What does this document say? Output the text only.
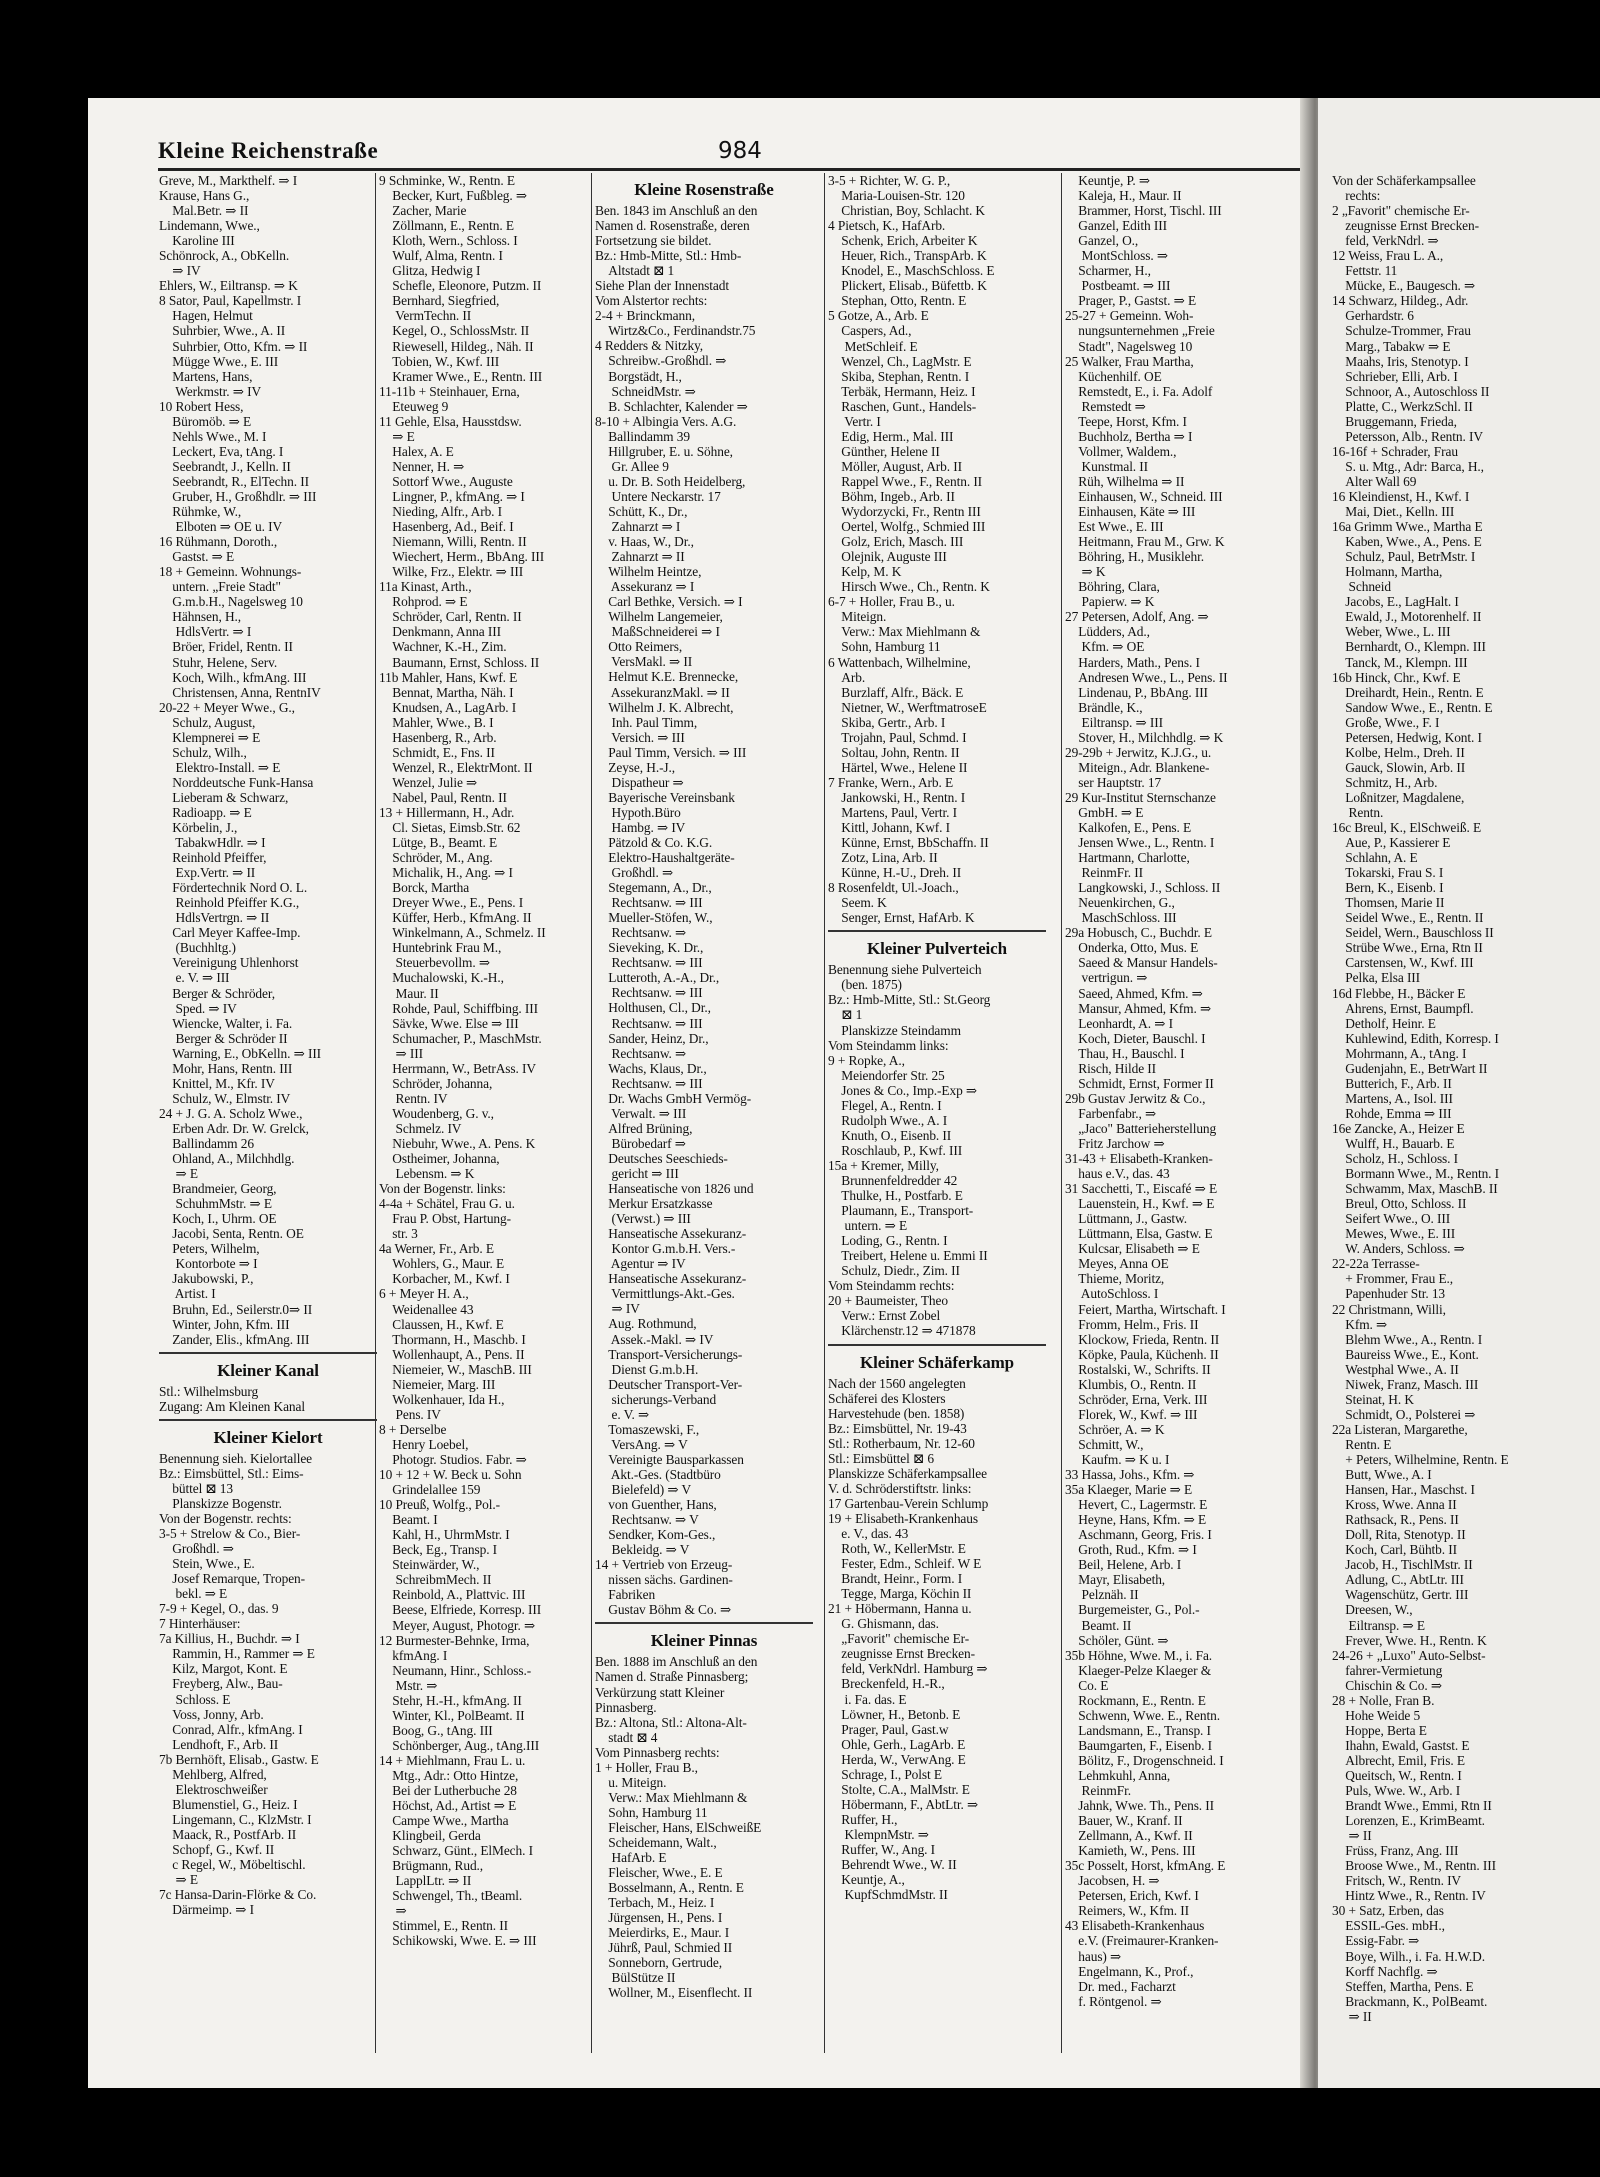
Kleine Reichenstraße	984
Greve, M., Markthelf. ⇒ I
Krause, Hans G.,
 Mal.Betr. ⇒ II
Lindemann, Wwe.,
 Karoline III
Schönrock, A., ObKelln.
 ⇒ IV
Ehlers, W., Eiltransp. ⇒ K
8 Sator, Paul, Kapellmstr. I
 Hagen, Helmut
 Suhrbier, Wwe., A. II
 Suhrbier, Otto, Kfm. ⇒ II
 Mügge Wwe., E. III
 Martens, Hans,
  Werkmstr. ⇒ IV
10 Robert Hess,
 Büromöb. ⇒ E
 Nehls Wwe., M. I
 Leckert, Eva, tAng. I
 Seebrandt, J., Kelln. II
 Seebrandt, R., ElTechn. II
 Gruber, H., Großhdlr. ⇒ III
 Rühmke, W.,
  Elboten ⇒ OE u. IV
16 Rühmann, Doroth.,
 Gastst. ⇒ E
18 + Gemeinn. Wohnungs-
 untern. „Freie Stadt"
 G.m.b.H., Nagelsweg 10
 Hähnsen, H.,
  HdlsVertr. ⇒ I
 Bröer, Fridel, Rentn. II
 Stuhr, Helene, Serv.
 Koch, Wilh., kfmAng. III
 Christensen, Anna, RentnIV
20-22 + Meyer Wwe., G.,
 Schulz, August,
 Klempnerei ⇒ E
 Schulz, Wilh.,
  Elektro-Install. ⇒ E
 Norddeutsche Funk-Hansa
 Lieberam & Schwarz,
 Radioapp. ⇒ E
 Körbelin, J.,
  TabakwHdlr. ⇒ I
 Reinhold Pfeiffer,
  Exp.Vertr. ⇒ II
 Fördertechnik Nord O. L.
  Reinhold Pfeiffer K.G.,
  HdlsVertrgn. ⇒ II
 Carl Meyer Kaffee-Imp.
  (Buchhltg.)
 Vereinigung Uhlenhorst
  e. V. ⇒ III
 Berger & Schröder,
  Sped. ⇒ IV
 Wiencke, Walter, i. Fa.
  Berger & Schröder II
 Warning, E., ObKelln. ⇒ III
 Mohr, Hans, Rentn. III
 Knittel, M., Kfr. IV
 Schulz, W., Elmstr. IV
24 + J. G. A. Scholz Wwe.,
 Erben Adr. Dr. W. Grelck,
 Ballindamm 26
 Ohland, A., Milchhdlg.
  ⇒ E
 Brandmeier, Georg,
  SchuhmMstr. ⇒ E
 Koch, I., Uhrm. OE
 Jacobi, Senta, Rentn. OE
 Peters, Wilhelm,
  Kontorbote ⇒ I
 Jakubowski, P.,
  Artist. I
 Bruhn, Ed., Seilerstr.0⇒ II
 Winter, John, Kfm. III
 Zander, Elis., kfmAng. III
Kleiner Kanal
Stl.: Wilhelmsburg
Zugang: Am Kleinen Kanal
Kleiner Kielort
Benennung sieh. Kielortallee
Bz.: Eimsbüttel, Stl.: Eims-
 büttel ⊠ 13
 Planskizze Bogenstr.
Von der Bogenstr. rechts:
3-5 + Strelow & Co., Bier-
 Großhdl. ⇒
 Stein, Wwe., E.
 Josef Remarque, Tropen-
  bekl. ⇒ E
7-9 + Kegel, O., das. 9
7 Hinterhäuser:
7a Killius, H., Buchdr. ⇒ I
 Rammin, H., Rammer ⇒ E
 Kilz, Margot, Kont. E
 Freyberg, Alw., Bau-
  Schloss. E
 Voss, Jonny, Arb.
 Conrad, Alfr., kfmAng. I
 Lendhoft, F., Arb. II
7b Bernhöft, Elisab., Gastw. E
 Mehlberg, Alfred,
  Elektroschweißer
 Blumenstiel, G., Heiz. I
 Lingemann, C., KlzMstr. I
 Maack, R., PostfArb. II
 Schopf, G., Kwf. II
 c Regel, W., Möbeltischl.
  ⇒ E
7c Hansa-Darin-Flörke & Co.
 Därmeimp. ⇒ I
9 Schminke, W., Rentn. E
 Becker, Kurt, Fußbleg. ⇒
 Zacher, Marie
 Zöllmann, E., Rentn. E
 Kloth, Wern., Schloss. I
 Wulf, Alma, Rentn. I
 Glitza, Hedwig I
 Schefle, Eleonore, Putzm. II
 Bernhard, Siegfried,
  VermTechn. II
 Kegel, O., SchlossMstr. II
 Riewesell, Hildeg., Näh. II
 Tobien, W., Kwf. III
 Kramer Wwe., E., Rentn. III
11-11b + Steinhauer, Erna,
 Eteuweg 9
11 Gehle, Elsa, Hausstdsw.
 ⇒ E
 Halex, A. E
 Nenner, H. ⇒
 Sottorf Wwe., Auguste
 Lingner, P., kfmAng. ⇒ I
 Nieding, Alfr., Arb. I
 Hasenberg, Ad., Beif. I
 Niemann, Willi, Rentn. II
 Wiechert, Herm., BbAng. III
 Wilke, Frz., Elektr. ⇒ III
11a Kinast, Arth.,
 Rohprod. ⇒ E
 Schröder, Carl, Rentn. II
 Denkmann, Anna III
 Wachner, K.-H., Zim.
 Baumann, Ernst, Schloss. II
11b Mahler, Hans, Kwf. E
 Bennat, Martha, Näh. I
 Knudsen, A., LagArb. I
 Mahler, Wwe., B. I
 Hasenberg, R., Arb.
 Schmidt, E., Fns. II
 Wenzel, R., ElektrMont. II
 Wenzel, Julie ⇒
 Nabel, Paul, Rentn. II
13 + Hillermann, H., Adr.
 Cl. Sietas, Eimsb.Str. 62
 Lütge, B., Beamt. E
 Schröder, M., Ang.
 Michalik, H., Ang. ⇒ I
 Borck, Martha
 Dreyer Wwe., E., Pens. I
 Küffer, Herb., KfmAng. II
 Winkelmann, A., Schmelz. II
 Huntebrink Frau M.,
  Steuerbevollm. ⇒
 Muchalowski, K.-H.,
  Maur. II
 Rohde, Paul, Schiffbing. III
 Sävke, Wwe. Else ⇒ III
 Schumacher, P., MaschMstr.
  ⇒ III
 Herrmann, W., BetrAss. IV
 Schröder, Johanna,
  Rentn. IV
 Woudenberg, G. v.,
  Schmelz. IV
 Niebuhr, Wwe., A. Pens. K
 Ostheimer, Johanna,
  Lebensm. ⇒ K
Von der Bogenstr. links:
4-4a + Schätel, Frau G. u.
 Frau P. Obst, Hartung-
 str. 3
4a Werner, Fr., Arb. E
 Wohlers, G., Maur. E
 Korbacher, M., Kwf. I
6 + Meyer H. A.,
 Weidenallee 43
 Claussen, H., Kwf. E
 Thormann, H., Maschb. I
 Wollenhaupt, A., Pens. II
 Niemeier, W., MaschB. III
 Niemeier, Marg. III
 Wolkenhauer, Ida H.,
  Pens. IV
8 + Derselbe
 Henry Loebel,
 Photogr. Studios. Fabr. ⇒
10 + 12 + W. Beck u. Sohn
 Grindelallee 159
10 Preuß, Wolfg., Pol.-
 Beamt. I
 Kahl, H., UhrmMstr. I
 Beck, Eg., Transp. I
 Steinwärder, W.,
  SchreibmMech. II
 Reinbold, A., Plattvic. III
 Beese, Elfriede, Korresp. III
 Meyer, August, Photogr. ⇒
12 Burmester-Behnke, Irma,
 kfmAng. I
 Neumann, Hinr., Schloss.-
  Mstr. ⇒
 Stehr, H.-H., kfmAng. II
 Winter, Kl., PolBeamt. II
 Boog, G., tAng. III
 Schönberger, Aug., tAng.III
14 + Miehlmann, Frau L. u.
 Mtg., Adr.: Otto Hintze,
 Bei der Lutherbuche 28
 Höchst, Ad., Artist ⇒ E
 Campe Wwe., Martha
 Klingbeil, Gerda
 Schwarz, Günt., ElMech. I
 Brügmann, Rud.,
  LapplLtr. ⇒ II
 Schwengel, Th., tBeaml.
  ⇒
 Stimmel, E., Rentn. II
 Schikowski, Wwe. E. ⇒ III
Kleine Rosenstraße
Ben. 1843 im Anschluß an den
Namen d. Rosenstraße, deren
Fortsetzung sie bildet.
Bz.: Hmb-Mitte, Stl.: Hmb-
 Altstadt ⊠ 1
Siehe Plan der Innenstadt
Vom Alstertor rechts:
2-4 + Brinckmann,
 Wirtz&Co., Ferdinandstr.75
4 Redders & Nitzky,
 Schreibw.-Großhdl. ⇒
 Borgstädt, H.,
  SchneidMstr. ⇒
 B. Schlachter, Kalender ⇒
8-10 + Albingia Vers. A.G.
 Ballindamm 39
 Hillgruber, E. u. Söhne,
  Gr. Allee 9
 u. Dr. B. Soth Heidelberg,
  Untere Neckarstr. 17
 Schütt, K., Dr.,
  Zahnarzt ⇒ I
 v. Haas, W., Dr.,
  Zahnarzt ⇒ II
 Wilhelm Heintze,
  Assekuranz ⇒ I
 Carl Bethke, Versich. ⇒ I
 Wilhelm Langemeier,
  MaßSchneiderei ⇒ I
 Otto Reimers,
  VersMakl. ⇒ II
 Helmut K.E. Brennecke,
  AssekuranzMakl. ⇒ II
 Wilhelm J. K. Albrecht,
  Inh. Paul Timm,
  Versich. ⇒ III
 Paul Timm, Versich. ⇒ III
 Zeyse, H.-J.,
  Dispatheur ⇒
 Bayerische Vereinsbank
  Hypoth.Büro
  Hambg. ⇒ IV
 Pätzold & Co. K.G.
 Elektro-Haushaltgeräte-
  Großhdl. ⇒
 Stegemann, A., Dr.,
  Rechtsanw. ⇒ III
 Mueller-Stöfen, W.,
  Rechtsanw. ⇒
 Sieveking, K. Dr.,
  Rechtsanw. ⇒ III
 Lutteroth, A.-A., Dr.,
  Rechtsanw. ⇒ III
 Holthusen, Cl., Dr.,
  Rechtsanw. ⇒ III
 Sander, Heinz, Dr.,
  Rechtsanw. ⇒
 Wachs, Klaus, Dr.,
  Rechtsanw. ⇒ III
 Dr. Wachs GmbH Vermög-
  Verwalt. ⇒ III
 Alfred Brüning,
  Bürobedarf ⇒
 Deutsches Seeschieds-
  gericht ⇒ III
 Hanseatische von 1826 und
 Merkur Ersatzkasse
  (Verwst.) ⇒ III
 Hanseatische Assekuranz-
  Kontor G.m.b.H. Vers.-
  Agentur ⇒ IV
 Hanseatische Assekuranz-
  Vermittlungs-Akt.-Ges.
  ⇒ IV
 Aug. Rothmund,
  Assek.-Makl. ⇒ IV
 Transport-Versicherungs-
  Dienst G.m.b.H.
 Deutscher Transport-Ver-
  sicherungs-Verband
  e. V. ⇒
 Tomaszewski, F.,
  VersAng. ⇒ V
 Vereinigte Bausparkassen
  Akt.-Ges. (Stadtbüro
  Bielefeld) ⇒ V
 von Guenther, Hans,
  Rechtsanw. ⇒ V
 Sendker, Kom-Ges.,
  Bekleidg. ⇒ V
14 + Vertrieb von Erzeug-
 nissen sächs. Gardinen-
 Fabriken
 Gustav Böhm & Co. ⇒
Kleiner Pinnas
Ben. 1888 im Anschluß an den
Namen d. Straße Pinnasberg;
Verkürzung statt Kleiner
Pinnasberg.
Bz.: Altona, Stl.: Altona-Alt-
 stadt ⊠ 4
Vom Pinnasberg rechts:
1 + Holler, Frau B.,
 u. Miteign.
 Verw.: Max Miehlmann &
 Sohn, Hamburg 11
 Fleischer, Hans, ElSchweißE
 Scheidemann, Walt.,
  HafArb. E
 Fleischer, Wwe., E. E
 Bosselmann, A., Rentn. E
 Terbach, M., Heiz. I
 Jürgensen, H., Pens. I
 Meierdirks, E., Maur. I
 Jührß, Paul, Schmied II
 Sonneborn, Gertrude,
  BülStütze II
 Wollner, M., Eisenflecht. II
3-5 + Richter, W. G. P.,
 Maria-Louisen-Str. 120
 Christian, Boy, Schlacht. K
4 Pietsch, K., HafArb.
 Schenk, Erich, Arbeiter K
 Heuer, Rich., TranspArb. K
 Knodel, E., MaschSchloss. E
 Plickert, Elisab., Büfettb. K
 Stephan, Otto, Rentn. E
5 Gotze, A., Arb. E
 Caspers, Ad.,
  MetSchleif. E
 Wenzel, Ch., LagMstr. E
 Skiba, Stephan, Rentn. I
 Terbäk, Hermann, Heiz. I
 Raschen, Gunt., Handels-
  Vertr. I
 Edig, Herm., Mal. III
 Günther, Helene II
 Möller, August, Arb. II
 Rappel Wwe., F., Rentn. II
 Böhm, Ingeb., Arb. II
 Wydorzycki, Fr., Rentn III
 Oertel, Wolfg., Schmied III
 Golz, Erich, Masch. III
 Olejnik, Auguste III
 Kelp, M. K
 Hirsch Wwe., Ch., Rentn. K
6-7 + Holler, Frau B., u.
 Miteign.
 Verw.: Max Miehlmann &
 Sohn, Hamburg 11
6 Wattenbach, Wilhelmine,
 Arb.
 Burzlaff, Alfr., Bäck. E
 Nietner, W., WerftmatroseE
 Skiba, Gertr., Arb. I
 Trojahn, Paul, Schmd. I
 Soltau, John, Rentn. II
 Härtel, Wwe., Helene II
7 Franke, Wern., Arb. E
 Jankowski, H., Rentn. I
 Martens, Paul, Vertr. I
 Kittl, Johann, Kwf. I
 Künne, Ernst, BbSchaffn. II
 Zotz, Lina, Arb. II
 Künne, H.-U., Dreh. II
8 Rosenfeldt, Ul.-Joach.,
 Seem. K
 Senger, Ernst, HafArb. K
Kleiner Pulverteich
Benennung siehe Pulverteich
 (ben. 1875)
Bz.: Hmb-Mitte, Stl.: St.Georg
 ⊠ 1
 Planskizze Steindamm
Vom Steindamm links:
9 + Ropke, A.,
 Meiendorfer Str. 25
 Jones & Co., Imp.-Exp ⇒
 Flegel, A., Rentn. I
 Rudolph Wwe., A. I
 Knuth, O., Eisenb. II
 Roschlaub, P., Kwf. III
15a + Kremer, Milly,
 Brunnenfeldredder 42
 Thulke, H., Postfarb. E
 Plaumann, E., Transport-
  untern. ⇒ E
 Loding, G., Rentn. I
 Treibert, Helene u. Emmi II
 Schulz, Diedr., Zim. II
Vom Steindamm rechts:
20 + Baumeister, Theo
 Verw.: Ernst Zobel
 Klärchenstr.12 ⇒ 471878
Kleiner Schäferkamp
Nach der 1560 angelegten
Schäferei des Klosters
Harvestehude (ben. 1858)
Bz.: Eimsbüttel, Nr. 19-43
Stl.: Rotherbaum, Nr. 12-60
Stl.: Eimsbüttel ⊠ 6
Planskizze Schäferkampsallee
V. d. Schröderstiftstr. links:
17 Gartenbau-Verein Schlump
19 + Elisabeth-Krankenhaus
 e. V., das. 43
 Roth, W., KellerMstr. E
 Fester, Edm., Schleif. W E
 Brandt, Heinr., Form. I
 Tegge, Marga, Köchin II
21 + Höbermann, Hanna u.
 G. Ghismann, das.
 „Favorit" chemische Er-
 zeugnisse Ernst Brecken-
 feld, VerkNdrl. Hamburg ⇒
 Breckenfeld, H.-R.,
  i. Fa. das. E
 Löwner, H., Betonb. E
 Prager, Paul, Gast.w
 Ohle, Gerh., LagArb. E
 Herda, W., VerwAng. E
 Schrage, I., Polst E
 Stolte, C.A., MalMstr. E
 Höbermann, F., AbtLtr. ⇒
 Ruffer, H.,
  KlempnMstr. ⇒
 Ruffer, W., Ang. I
 Behrendt Wwe., W. II
 Keuntje, A.,
  KupfSchmdMstr. II
 Keuntje, P. ⇒
 Kaleja, H., Maur. II
 Brammer, Horst, Tischl. III
 Ganzel, Edith III
 Ganzel, O.,
  MontSchloss. ⇒
 Scharmer, H.,
  Postbeamt. ⇒ III
 Prager, P., Gastst. ⇒ E
25-27 + Gemeinn. Woh-
 nungsunternehmen „Freie
 Stadt", Nagelsweg 10
25 Walker, Frau Martha,
 Küchenhilf. OE
 Remstedt, E., i. Fa. Adolf
  Remstedt ⇒
 Teepe, Horst, Kfm. I
 Buchholz, Bertha ⇒ I
 Vollmer, Waldem.,
  Kunstmal. II
 Rüh, Wilhelma ⇒ II
 Einhausen, W., Schneid. III
 Einhausen, Käte ⇒ III
 Est Wwe., E. III
 Heitmann, Frau M., Grw. K
 Böhring, H., Musiklehr.
  ⇒ K
 Böhring, Clara,
  Papierw. ⇒ K
27 Petersen, Adolf, Ang. ⇒
 Lüdders, Ad.,
  Kfm. ⇒ OE
 Harders, Math., Pens. I
 Andresen Wwe., L., Pens. II
 Lindenau, P., BbAng. III
 Brändle, K.,
  Eiltransp. ⇒ III
 Stover, H., Milchhdlg. ⇒ K
29-29b + Jerwitz, K.J.G., u.
 Miteign., Adr. Blankene-
 ser Hauptstr. 17
29 Kur-Institut Sternschanze
 GmbH. ⇒ E
 Kalkofen, E., Pens. E
 Jensen Wwe., L., Rentn. I
 Hartmann, Charlotte,
  ReinmFr. II
 Langkowski, J., Schloss. II
 Neuenkirchen, G.,
  MaschSchloss. III
29a Hobusch, C., Buchdr. E
 Onderka, Otto, Mus. E
 Saeed & Mansur Handels-
  vertrigun. ⇒
 Saeed, Ahmed, Kfm. ⇒
 Mansur, Ahmed, Kfm. ⇒
 Leonhardt, A. ⇒ I
 Koch, Dieter, Bauschl. I
 Thau, H., Bauschl. I
 Risch, Hilde II
 Schmidt, Ernst, Former II
29b Gustav Jerwitz & Co.,
 Farbenfabr., ⇒
 „Jaco" Batterieherstellung
 Fritz Jarchow ⇒
31-43 + Elisabeth-Kranken-
 haus e.V., das. 43
31 Sacchetti, T., Eiscafé ⇒ E
 Lauenstein, H., Kwf. ⇒ E
 Lüttmann, J., Gastw.
 Lüttmann, Elsa, Gastw. E
 Kulcsar, Elisabeth ⇒ E
 Meyes, Anna OE
 Thieme, Moritz,
  AutoSchloss. I
 Feiert, Martha, Wirtschaft. I
 Fromm, Helm., Fris. II
 Klockow, Frieda, Rentn. II
 Köpke, Paula, Küchenh. II
 Rostalski, W., Schrifts. II
 Klumbis, O., Rentn. II
 Schröder, Erna, Verk. III
 Florek, W., Kwf. ⇒ III
 Schröer, A. ⇒ K
 Schmitt, W.,
  Kaufm. ⇒ K u. I
33 Hassa, Johs., Kfm. ⇒
35a Klaeger, Marie ⇒ E
 Hevert, C., Lagermstr. E
 Heyne, Hans, Kfm. ⇒ E
 Aschmann, Georg, Fris. I
 Groth, Rud., Kfm. ⇒ I
 Beil, Helene, Arb. I
 Mayr, Elisabeth,
  Pelznäh. II
 Burgemeister, G., Pol.-
  Beamt. II
 Schöler, Günt. ⇒
35b Höhne, Wwe. M., i. Fa.
 Klaeger-Pelze Klaeger &
 Co. E
 Rockmann, E., Rentn. E
 Schwenn, Wwe. E., Rentn.
 Landsmann, E., Transp. I
 Baumgarten, F., Eisenb. I
 Bölitz, F., Drogenschneid. I
 Lehmkuhl, Anna,
  ReinmFr.
 Jahnk, Wwe. Th., Pens. II
 Bauer, W., Kranf. II
 Zellmann, A., Kwf. II
 Kamieth, W., Pens. III
35c Posselt, Horst, kfmAng. E
 Jacobsen, H. ⇒
 Petersen, Erich, Kwf. I
 Reimers, W., Kfm. II
43 Elisabeth-Krankenhaus
 e.V. (Freimaurer-Kranken-
 haus) ⇒
 Engelmann, K., Prof.,
 Dr. med., Facharzt
 f. Röntgenol. ⇒
Von der Schäferkampsallee
 rechts:
2 „Favorit" chemische Er-
 zeugnisse Ernst Brecken-
 feld, VerkNdrl. ⇒
12 Weiss, Frau L. A.,
 Fettstr. 11
 Mücke, E., Baugesch. ⇒
14 Schwarz, Hildeg., Adr.
 Gerhardstr. 6
 Schulze-Trommer, Frau
 Marg., Tabakw ⇒ E
 Maahs, Iris, Stenotyp. I
 Schrieber, Elli, Arb. I
 Schnoor, A., Autoschloss II
 Platte, C., WerkzSchl. II
 Bruggemann, Frieda,
 Petersson, Alb., Rentn. IV
16-16f + Schrader, Frau
 S. u. Mtg., Adr: Barca, H.,
 Alter Wall 69
16 Kleindienst, H., Kwf. I
 Mai, Diet., Kelln. III
16a Grimm Wwe., Martha E
 Kaben, Wwe., A., Pens. E
 Schulz, Paul, BetrMstr. I
 Holmann, Martha,
  Schneid
 Jacobs, E., LagHalt. I
 Ewald, J., Motorenhelf. II
 Weber, Wwe., L. III
 Bernhardt, O., Klempn. III
 Tanck, M., Klempn. III
16b Hinck, Chr., Kwf. E
 Dreihardt, Hein., Rentn. E
 Sandow Wwe., E., Rentn. E
 Große, Wwe., F. I
 Petersen, Hedwig, Kont. I
 Kolbe, Helm., Dreh. II
 Gauck, Slowin, Arb. II
 Schmitz, H., Arb.
 Loßnitzer, Magdalene,
  Rentn.
16c Breul, K., ElSchweiß. E
 Aue, P., Kassierer E
 Schlahn, A. E
 Tokarski, Frau S. I
 Bern, K., Eisenb. I
 Thomsen, Marie II
 Seidel Wwe., E., Rentn. II
 Seidel, Wern., Bauschloss II
 Strübe Wwe., Erna, Rtn II
 Carstensen, W., Kwf. III
 Pelka, Elsa III
16d Flebbe, H., Bäcker E
 Ahrens, Ernst, Baumpfl.
 Detholf, Heinr. E
 Kuhlewind, Edith, Korresp. I
 Mohrmann, A., tAng. I
 Gudenjahn, E., BetrWart II
 Butterich, F., Arb. II
 Martens, A., Isol. III
 Rohde, Emma ⇒ III
16e Zancke, A., Heizer E
 Wulff, H., Bauarb. E
 Scholz, H., Schloss. I
 Bormann Wwe., M., Rentn. I
 Schwamm, Max, MaschB. II
 Breul, Otto, Schloss. II
 Seifert Wwe., O. III
 Mewes, Wwe., E. III
 W. Anders, Schloss. ⇒
22-22a Terrasse-
 + Frommer, Frau E.,
 Papenhuder Str. 13
22 Christmann, Willi,
 Kfm. ⇒
 Blehm Wwe., A., Rentn. I
 Baureiss Wwe., E., Kont.
 Westphal Wwe., A. II
 Niwek, Franz, Masch. III
 Steinat, H. K
 Schmidt, O., Polsterei ⇒
22a Listeran, Margarethe,
 Rentn. E
 + Peters, Wilhelmine, Rentn. E
 Butt, Wwe., A. I
 Hansen, Har., Maschst. I
 Kross, Wwe. Anna II
 Rathsack, R., Pens. II
 Doll, Rita, Stenotyp. II
 Koch, Carl, Bühtb. II
 Jacob, H., TischlMstr. II
 Adlung, C., AbtLtr. III
 Wagenschütz, Gertr. III
 Dreesen, W.,
  Eiltransp. ⇒ E
 Frever, Wwe. H., Rentn. K
24-26 + „Luxo" Auto-Selbst-
 fahrer-Vermietung
 Chischin & Co. ⇒
28 + Nolle, Fran B.
 Hohe Weide 5
 Hoppe, Berta E
 Ihahn, Ewald, Gastst. E
 Albrecht, Emil, Fris. E
 Queitsch, W., Rentn. I
 Puls, Wwe. W., Arb. I
 Brandt Wwe., Emmi, Rtn II
 Lorenzen, E., KrimBeamt.
  ⇒ II
 Früss, Franz, Ang. III
 Broose Wwe., M., Rentn. III
 Fritsch, W., Rentn. IV
 Hintz Wwe., R., Rentn. IV
30 + Satz, Erben, das
 ESSIL-Ges. mbH.,
 Essig-Fabr. ⇒
 Boye, Wilh., i. Fa. H.W.D.
 Korff Nachflg. ⇒
 Steffen, Martha, Pens. E
 Brackmann, K., PolBeamt.
  ⇒ II
